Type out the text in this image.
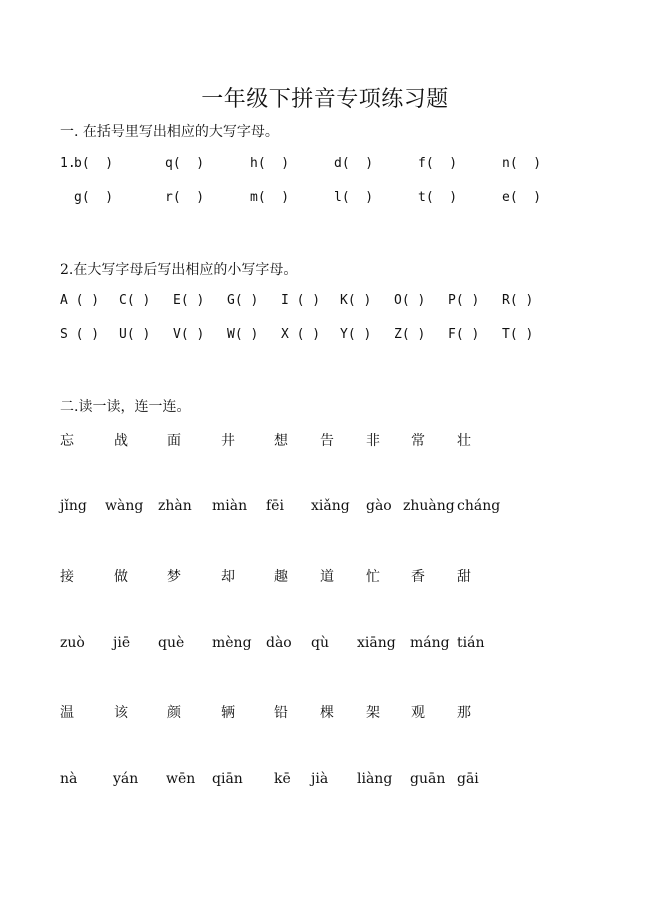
一年级下拼音专项练习题
一. 在括号里写出相应的大写字母。
1.
b(  )	q(  )	h(  )	d(  )	f(  )	n(  )
g(  )	r(  )	m(  )	l(  )	t(  )	e(  )
2.在大写字母后写出相应的小写字母。
A ( ) C( ) E( ) G( ) I ( ) K( ) O( ) P( ) R( )
S ( ) U( ) V( ) W( ) X ( ) Y( ) Z( ) F( ) T( )
二.读一读，连一连。
忘	战	面	井	想 告 非 常 壮
jǐng wàng zhàn miàn fēi xiǎng gào zhuàng cháng
接	做	梦	却	趣 道 忙 香 甜
zuò jiē què mèng dào qù xiāng máng tián
温	该	颜	辆	铅 棵 架 观 那
nà	yán wēn qiān kē jià liàng guān gāi
